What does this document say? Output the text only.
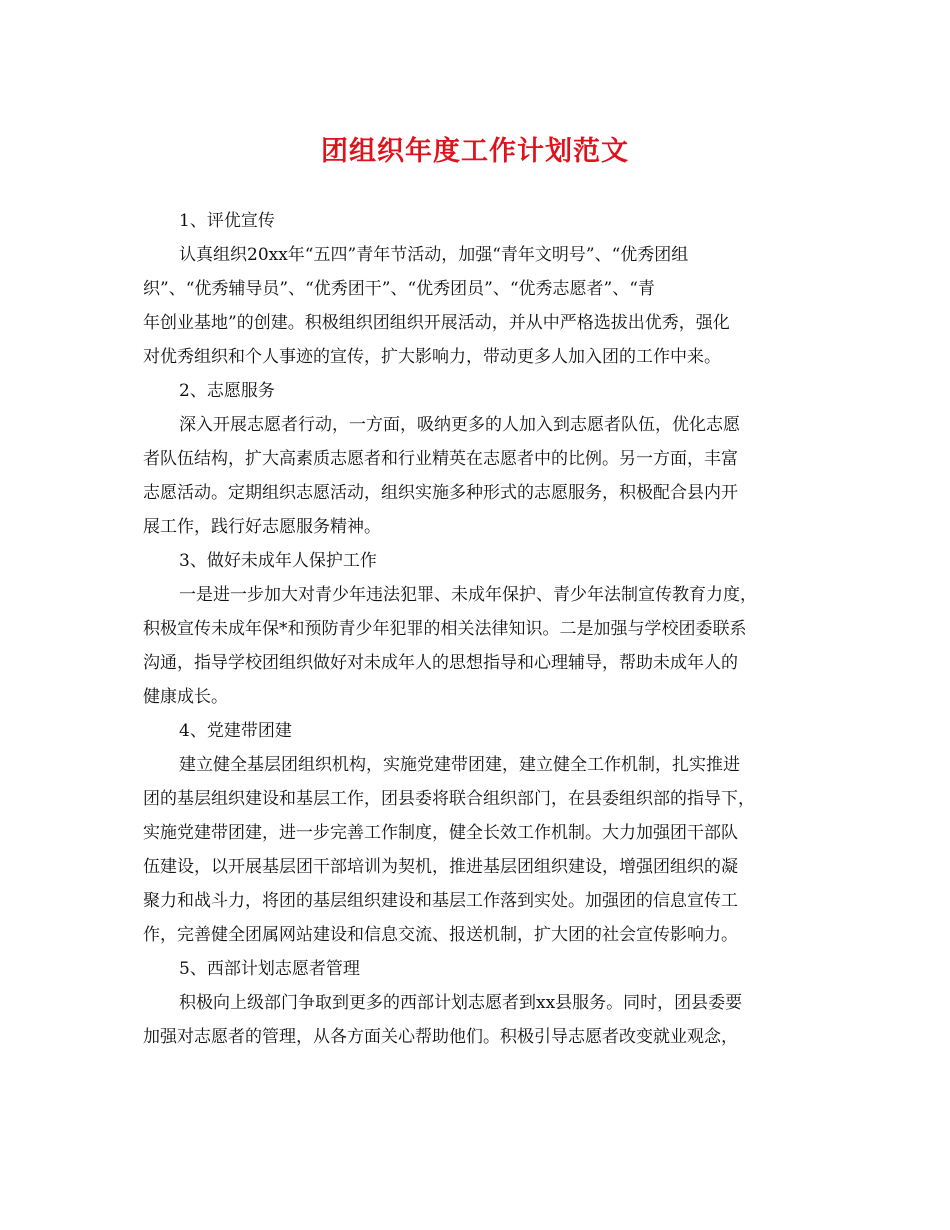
团组织年度工作计划范文
1、评优宣传
认真组织20xx年“五四”青年节活动，加强“青年文明号”、“优秀团组
织”、“优秀辅导员”、“优秀团干”、“优秀团员”、“优秀志愿者”、“青
年创业基地”的创建。积极组织团组织开展活动，并从中严格选拔出优秀，强化
对优秀组织和个人事迹的宣传，扩大影响力，带动更多人加入团的工作中来。
2、志愿服务
深入开展志愿者行动，一方面，吸纳更多的人加入到志愿者队伍，优化志愿
者队伍结构，扩大高素质志愿者和行业精英在志愿者中的比例。另一方面，丰富
志愿活动。定期组织志愿活动，组织实施多种形式的志愿服务，积极配合县内开
展工作，践行好志愿服务精神。
3、做好未成年人保护工作
一是进一步加大对青少年违法犯罪、未成年保护、青少年法制宣传教育力度，
积极宣传未成年保*和预防青少年犯罪的相关法律知识。二是加强与学校团委联系
沟通，指导学校团组织做好对未成年人的思想指导和心理辅导，帮助未成年人的
健康成长。
4、党建带团建
建立健全基层团组织机构，实施党建带团建，建立健全工作机制，扎实推进
团的基层组织建设和基层工作，团县委将联合组织部门，在县委组织部的指导下，
实施党建带团建，进一步完善工作制度，健全长效工作机制。大力加强团干部队
伍建设，以开展基层团干部培训为契机，推进基层团组织建设，增强团组织的凝
聚力和战斗力，将团的基层组织建设和基层工作落到实处。加强团的信息宣传工
作，完善健全团属网站建设和信息交流、报送机制，扩大团的社会宣传影响力。
5、西部计划志愿者管理
积极向上级部门争取到更多的西部计划志愿者到xx县服务。同时，团县委要
加强对志愿者的管理，从各方面关心帮助他们。积极引导志愿者改变就业观念，
